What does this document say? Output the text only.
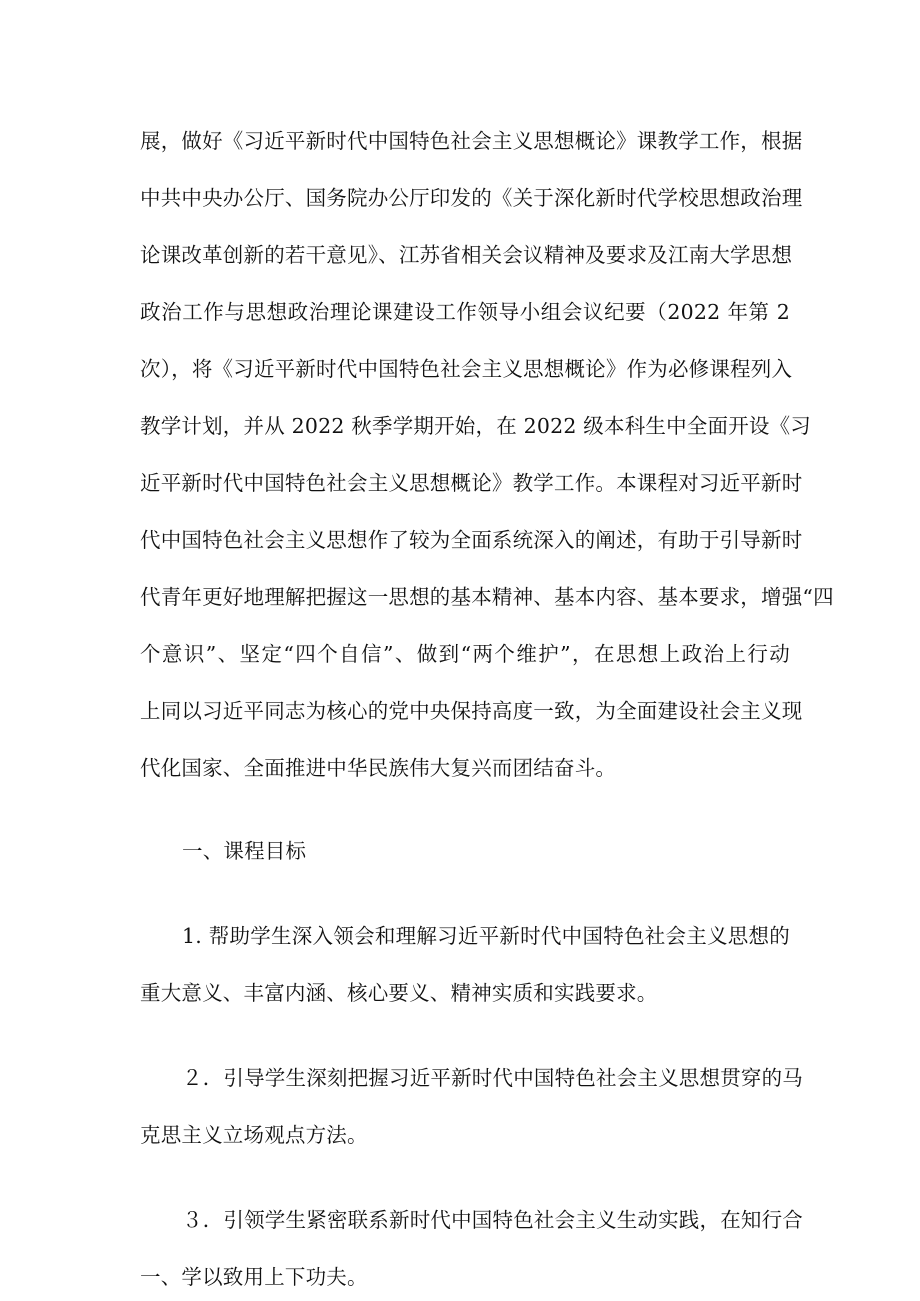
展，做好《习近平新时代中国特色社会主义思想概论》课教学工作，根据
中共中央办公厅、国务院办公厅印发的《关于深化新时代学校思想政治理
论课改革创新的若干意见》、江苏省相关会议精神及要求及江南大学思想
政治工作与思想政治理论课建设工作领导小组会议纪要（2022 年第 2
次），将《习近平新时代中国特色社会主义思想概论》作为必修课程列入
教学计划，并从 2022 秋季学期开始，在 2022 级本科生中全面开设《习
近平新时代中国特色社会主义思想概论》教学工作。本课程对习近平新时
代中国特色社会主义思想作了较为全面系统深入的阐述，有助于引导新时
代青年更好地理解把握这一思想的基本精神、基本内容、基本要求，增强“四
个意识”、坚定“四个自信”、做到“两个维护”，在思想上政治上行动
上同以习近平同志为核心的党中央保持高度一致，为全面建设社会主义现
代化国家、全面推进中华民族伟大复兴而团结奋斗。
一、课程目标
1. 帮助学生深入领会和理解习近平新时代中国特色社会主义思想的
重大意义、丰富内涵、核心要义、精神实质和实践要求。
２．引导学生深刻把握习近平新时代中国特色社会主义思想贯穿的马
克思主义立场观点方法。
３．引领学生紧密联系新时代中国特色社会主义生动实践，在知行合
一、学以致用上下功夫。
